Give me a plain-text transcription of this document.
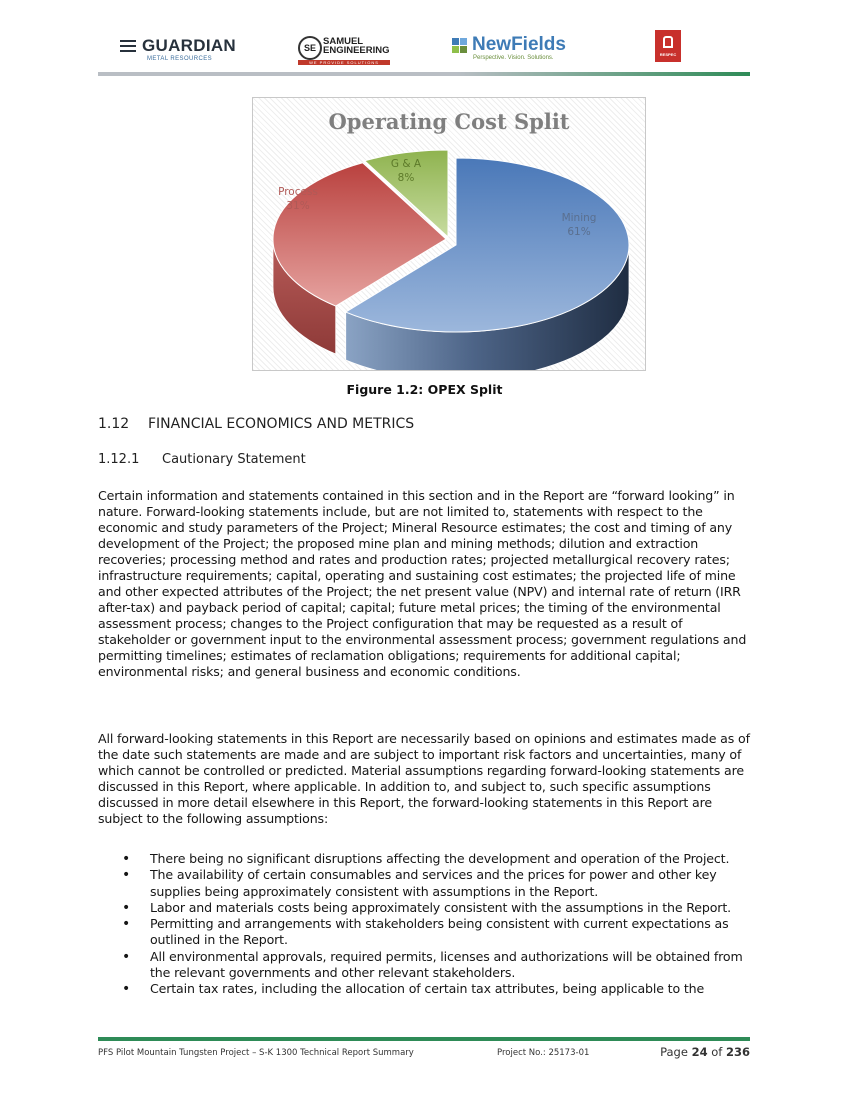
GUARDIAN
METAL RESOURCES
SE
SAMUEL
ENGINEERING
WE PROVIDE SOLUTIONS
NewFields
Perspective. Vision. Solutions.
RESPEC
Operating Cost Split
Mining
61%
Process
31%
G & A
8%
Figure 1.2: OPEX Split
1.12 FINANCIAL ECONOMICS AND METRICS
1.12.1 Cautionary Statement
Certain information and statements contained in this section and in the Report are “forward looking” in nature. Forward-looking statements include, but are not limited to, statements with respect to the economic and study parameters of the Project; Mineral Resource estimates; the cost and timing of any development of the Project; the proposed mine plan and mining methods; dilution and extraction recoveries; processing method and rates and production rates; projected metallurgical recovery rates; infrastructure requirements; capital, operating and sustaining cost estimates; the projected life of mine and other expected attributes of the Project; the net present value (NPV) and internal rate of return (IRR after-tax) and payback period of capital; capital; future metal prices; the timing of the environmental assessment process; changes to the Project configuration that may be requested as a result of stakeholder or government input to the environmental assessment process; government regulations and permitting timelines; estimates of reclamation obligations; requirements for additional capital; environmental risks; and general business and economic conditions.
All forward-looking statements in this Report are necessarily based on opinions and estimates made as of the date such statements are made and are subject to important risk factors and uncertainties, many of which cannot be controlled or predicted. Material assumptions regarding forward-looking statements are discussed in this Report, where applicable. In addition to, and subject to, such specific assumptions discussed in more detail elsewhere in this Report, the forward-looking statements in this Report are subject to the following assumptions:
• There being no significant disruptions affecting the development and operation of the Project.
• The availability of certain consumables and services and the prices for power and other key supplies being approximately consistent with assumptions in the Report.
• Labor and materials costs being approximately consistent with the assumptions in the Report.
• Permitting and arrangements with stakeholders being consistent with current expectations as outlined in the Report.
• All environmental approvals, required permits, licenses and authorizations will be obtained from the relevant governments and other relevant stakeholders.
• Certain tax rates, including the allocation of certain tax attributes, being applicable to the
PFS Pilot Mountain Tungsten Project – S-K 1300 Technical Report Summary	Project No.: 25173-01	Page 24 of 236
